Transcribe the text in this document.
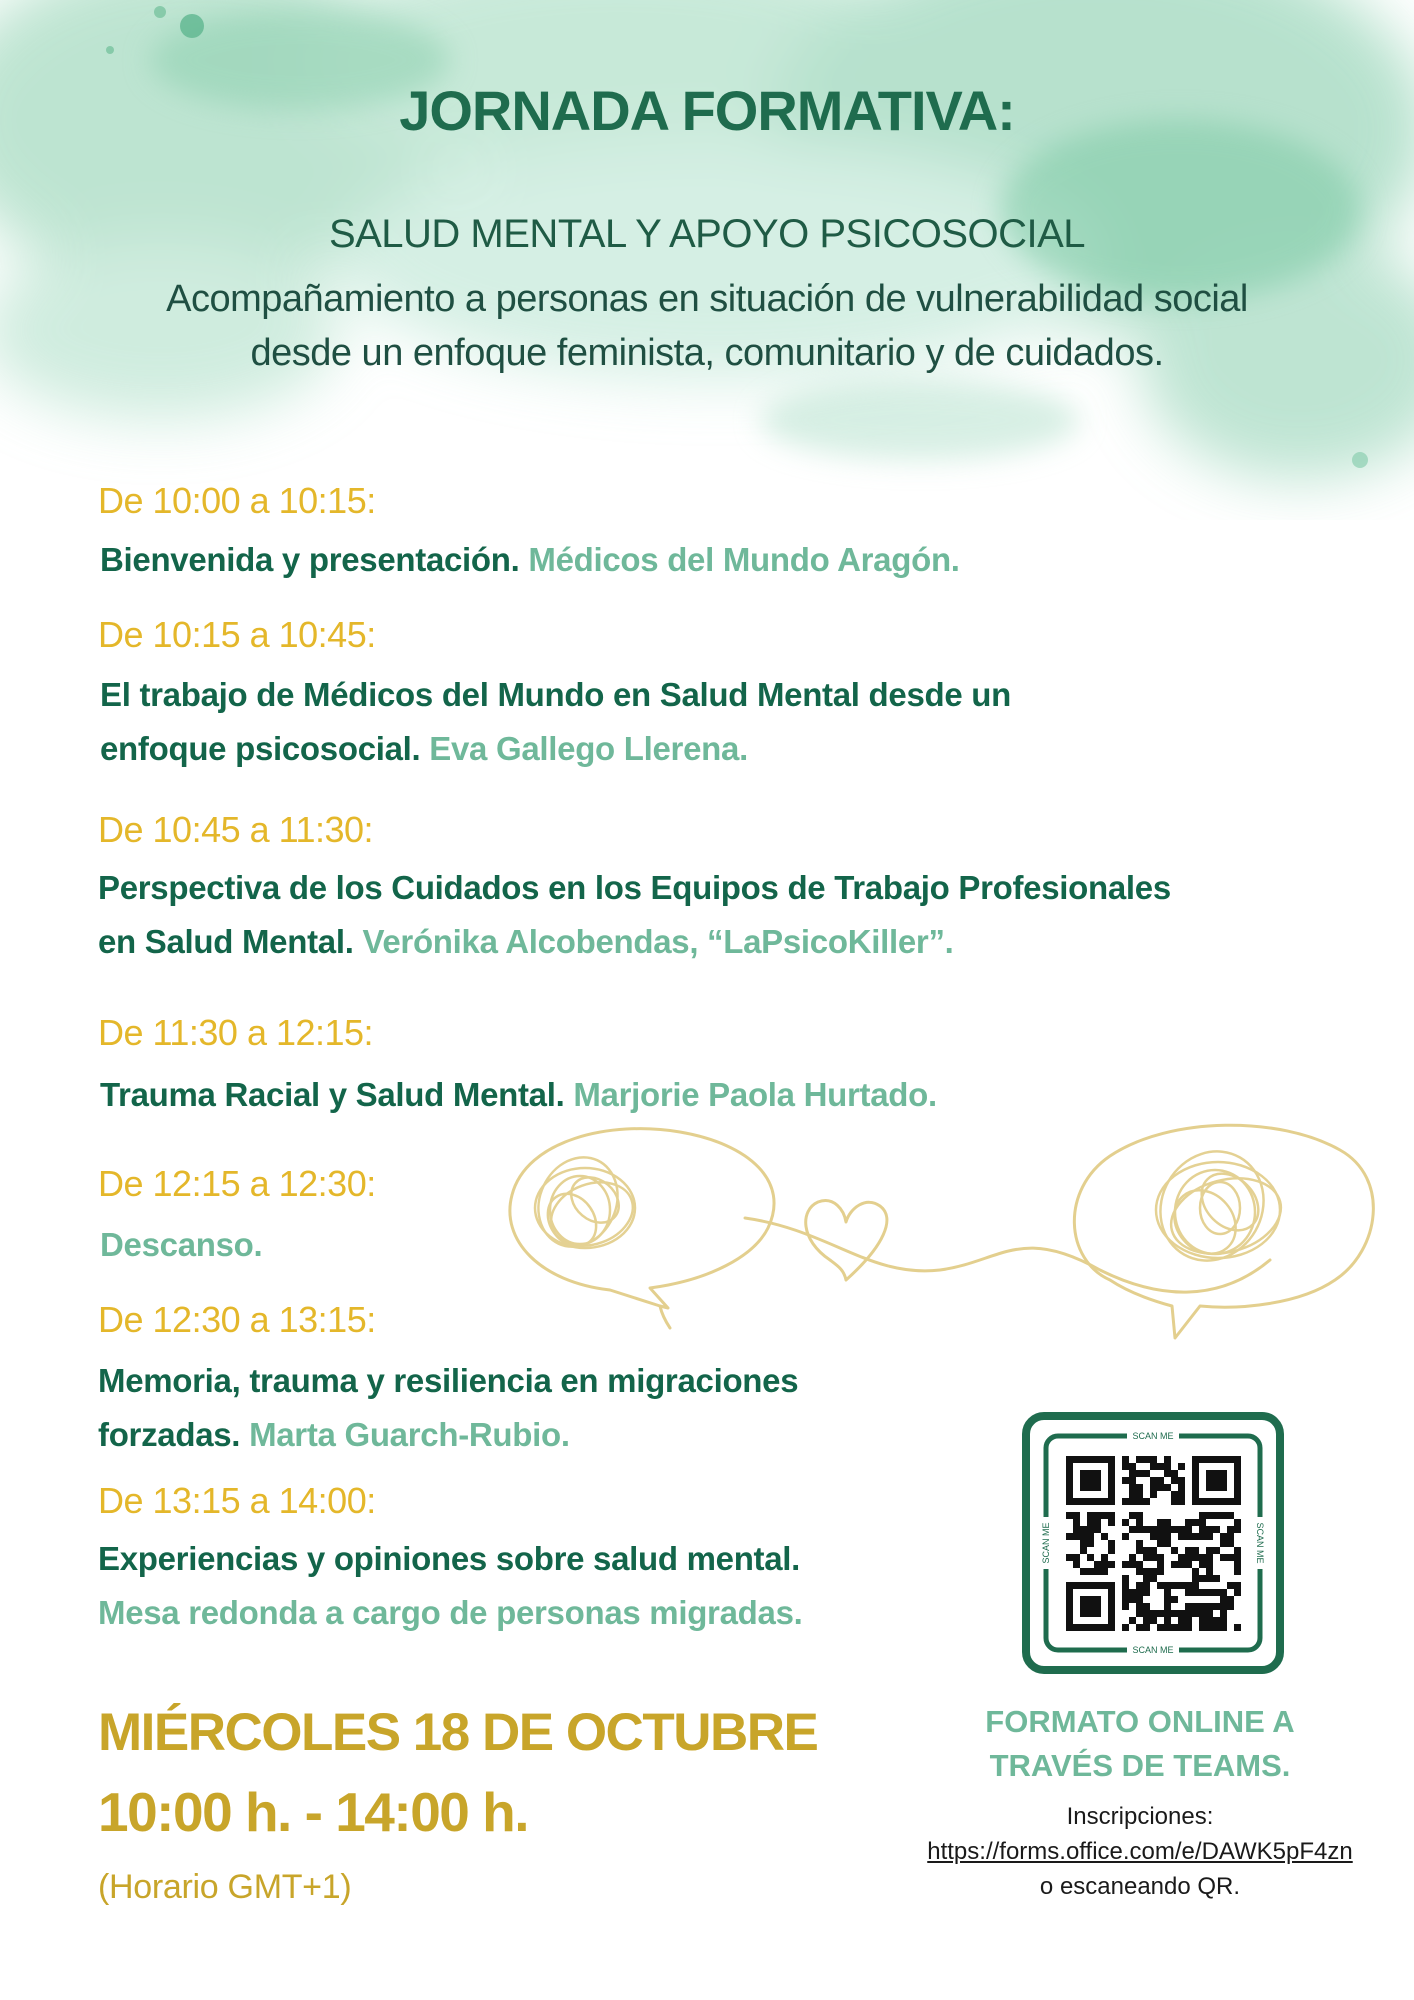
JORNADA FORMATIVA:
SALUD MENTAL Y APOYO PSICOSOCIAL
Acompañamiento a personas en situación de vulnerabilidad social
desde un enfoque feminista, comunitario y de cuidados.
De 10:00 a 10:15:
Bienvenida y presentación. Médicos del Mundo Aragón.
De 10:15 a 10:45:
El trabajo de Médicos del Mundo en Salud Mental desde un
enfoque psicosocial. Eva Gallego Llerena.
De 10:45 a 11:30:
Perspectiva de los Cuidados en los Equipos de Trabajo Profesionales
en Salud Mental. Verónika Alcobendas, “LaPsicoKiller”.
De 11:30 a 12:15:
Trauma Racial y Salud Mental. Marjorie Paola Hurtado.
De 12:15 a 12:30:
Descanso.
De 12:30 a 13:15:
Memoria, trauma y resiliencia en migraciones
forzadas. Marta Guarch-Rubio.
De 13:15 a 14:00:
Experiencias y opiniones sobre salud mental.
Mesa redonda a cargo de personas migradas.
MIÉRCOLES 18 DE OCTUBRE
10:00 h. - 14:00 h.
(Horario GMT+1)
SCAN ME
SCAN ME
SCAN ME	SCAN ME
FORMATO ONLINE A
TRAVÉS DE TEAMS.
Inscripciones:
https://forms.office.com/e/DAWK5pF4zn
o escaneando QR.
